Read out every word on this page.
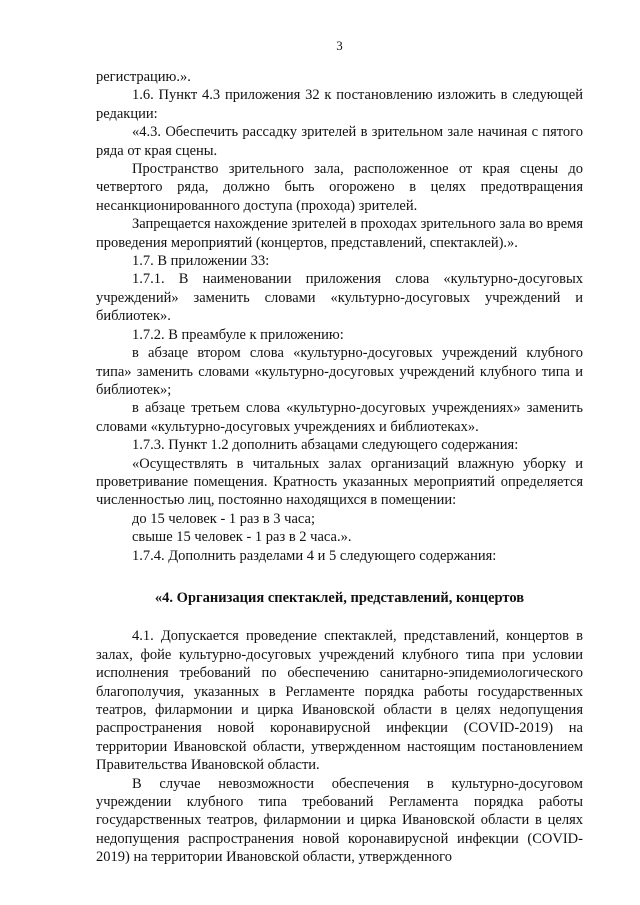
3

регистрацию.».

1.6. Пункт 4.3 приложения 32 к постановлению изложить в следующей редакции:

«4.3. Обеспечить рассадку зрителей в зрительном зале начиная с пятого ряда от края сцены.

Пространство зрительного зала, расположенное от края сцены до четвертого ряда, должно быть огорожено в целях предотвращения несанкционированного доступа (прохода) зрителей.

Запрещается нахождение зрителей в проходах зрительного зала во время проведения мероприятий (концертов, представлений, спектаклей).».

1.7. В приложении 33:

1.7.1. В наименовании приложения слова «культурно-досуговых учреждений» заменить словами «культурно-досуговых учреждений и библиотек».

1.7.2. В преамбуле к приложению:

в абзаце втором слова «культурно-досуговых учреждений клубного типа» заменить словами «культурно-досуговых учреждений клубного типа и библиотек»;

в абзаце третьем слова «культурно-досуговых учреждениях» заменить словами «культурно-досуговых учреждениях и библиотеках».

1.7.3. Пункт 1.2 дополнить абзацами следующего содержания:

«Осуществлять в читальных залах организаций влажную уборку и проветривание помещения. Кратность указанных мероприятий определяется численностью лиц, постоянно находящихся в помещении:

до 15 человек - 1 раз в 3 часа;

свыше 15 человек - 1 раз в 2 часа.».

1.7.4. Дополнить разделами 4 и 5 следующего содержания:

«4. Организация спектаклей, представлений, концертов

4.1. Допускается проведение спектаклей, представлений, концертов в залах, фойе культурно-досуговых учреждений клубного типа при условии исполнения требований по обеспечению санитарно-эпидемиологического благополучия, указанных в Регламенте порядка работы государственных театров, филармонии и цирка Ивановской области в целях недопущения распространения новой коронавирусной инфекции (COVID-2019) на территории Ивановской области, утвержденном настоящим постановлением Правительства Ивановской области.

В случае невозможности обеспечения в культурно-досуговом учреждении клубного типа требований Регламента порядка работы государственных театров, филармонии и цирка Ивановской области в целях недопущения распространения новой коронавирусной инфекции (COVID-2019) на территории Ивановской области, утвержденного
